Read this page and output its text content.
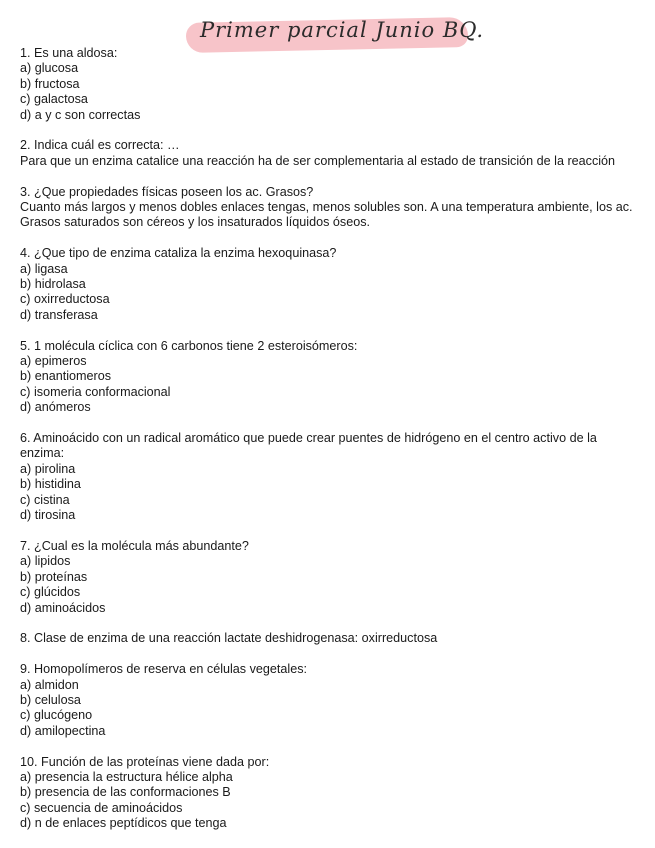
Primer parcial Junio BQ.

1. Es una aldosa:

a) glucosa

b) fructosa

c) galactosa

d) a y c son correctas

2. Indica cuál es correcta: …

Para que un enzima catalice una reacción ha de ser complementaria al estado de transición de la reacción

3. ¿Que propiedades físicas poseen los ac. Grasos?

Cuanto más largos y menos dobles enlaces tengas, menos solubles son. A una temperatura ambiente, los ac. Grasos saturados son céreos y los insaturados líquidos óseos.

4. ¿Que tipo de enzima cataliza la enzima hexoquinasa?

a) ligasa

b) hidrolasa

c) oxirreductosa

d) transferasa

5. 1 molécula cíclica con 6 carbonos tiene 2 esteroisómeros:

a) epimeros

b) enantiomeros

c) isomeria conformacional

d) anómeros

6. Aminoácido con un radical aromático que puede crear puentes de hidrógeno en el centro activo de la enzima:

a) pirolina

b) histidina

c) cistina

d) tirosina

7. ¿Cual es la molécula más abundante?

a) lipidos

b) proteínas

c) glúcidos

d) aminoácidos

8. Clase de enzima de una reacción lactate deshidrogenasa: oxirreductosa

9. Homopolímeros de reserva en células vegetales:

a) almidon

b) celulosa

c) glucógeno

d) amilopectina

10. Función de las proteínas viene dada por:

a) presencia la estructura hélice alpha

b) presencia de las conformaciones B

c) secuencia de aminoácidos

d) n de enlaces peptídicos que tenga
